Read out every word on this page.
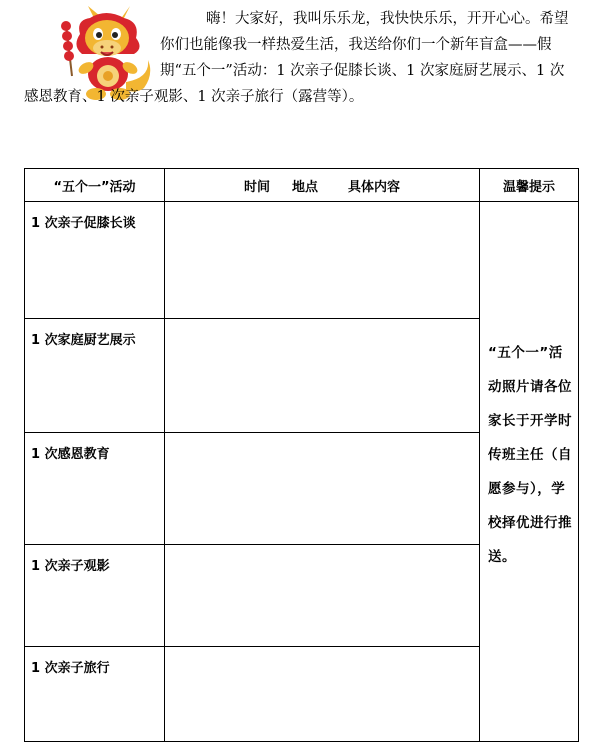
嗨！大家好，我叫乐乐龙，我快快乐乐，开开心心。希望你们也能像我一样热爱生活，我送给你们一个新年盲盒——假期“五个一”活动：1 次亲子促膝长谈、1 次家庭厨艺展示、1 次感恩教育、1 次亲子观影、1 次亲子旅行（露营等）。

“五个一”活动	时间 地点 具体内容	温馨提示
1 次亲子促膝长谈		“五个一”活动照片请各位家长于开学时传班主任（自愿参与），学校择优进行推送。

1 次家庭厨艺展示		
1 次感恩教育		
1 次亲子观影		
1 次亲子旅行		
